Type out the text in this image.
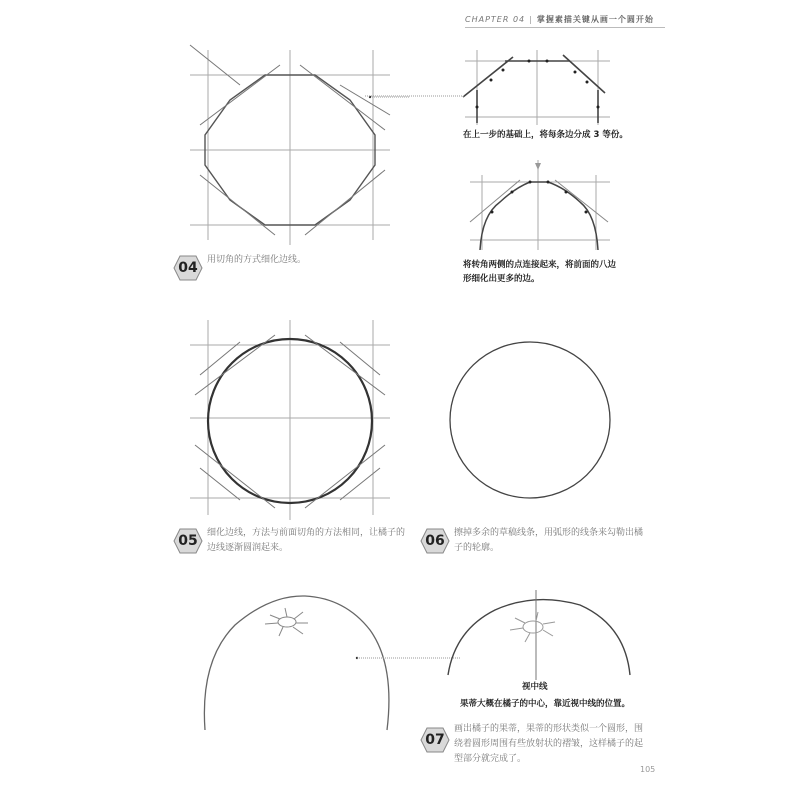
CHAPTER 04 | 掌握素描关键从画一个圆开始
在上一步的基础上，将每条边分成 3 等份。
将转角两侧的点连接起来，将前面的八边形细化出更多的边。
04	用切角的方式细化边线。
05	细化边线，方法与前面切角的方法相同，让橘子的边线逐渐圆润起来。	06	擦掉多余的草稿线条，用弧形的线条来勾勒出橘子的轮廓。
视中线
果蒂大概在橘子的中心，靠近视中线的位置。
07
画出橘子的果蒂，果蒂的形状类似一个圆形，围绕着圆形周围有些放射状的褶皱，这样橘子的起型部分就完成了。
105
